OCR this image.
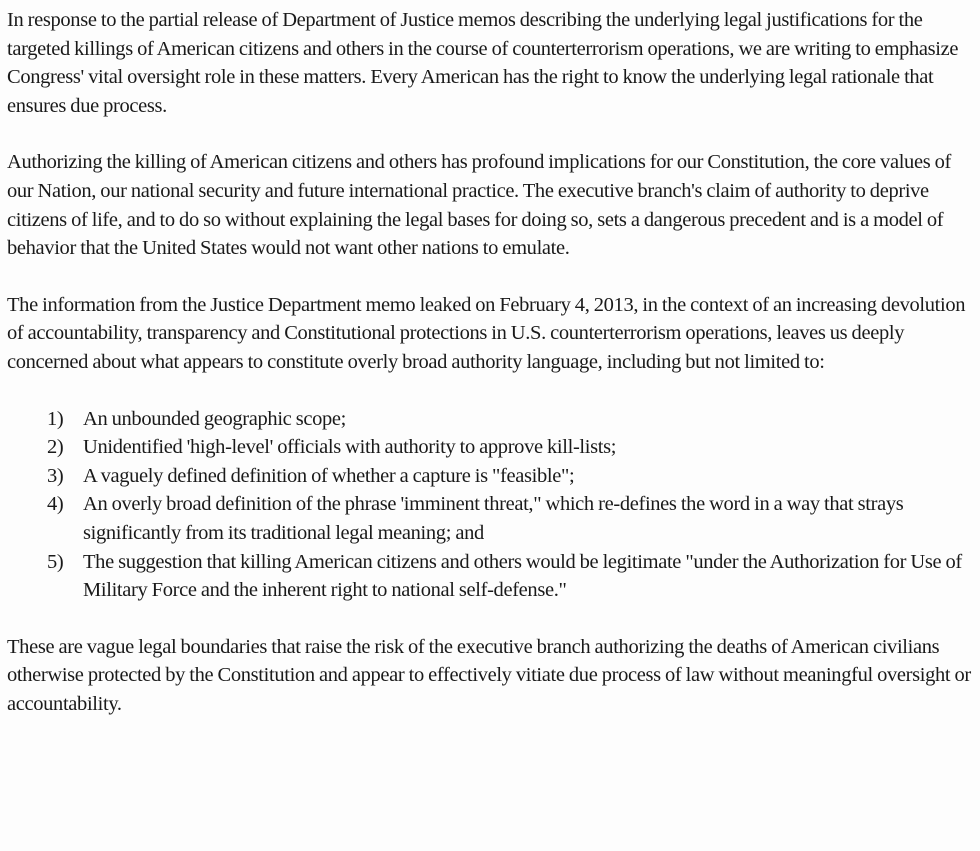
In response to the partial release of Department of Justice memos describing the underlying legal justifications for the targeted killings of American citizens and others in the course of counterterrorism operations, we are writing to emphasize Congress' vital oversight role in these matters. Every American has the right to know the underlying legal rationale that ensures due process.

Authorizing the killing of American citizens and others has profound implications for our Constitution, the core values of our Nation, our national security and future international practice. The executive branch's claim of authority to deprive citizens of life, and to do so without explaining the legal bases for doing so, sets a dangerous precedent and is a model of behavior that the United States would not want other nations to emulate.

The information from the Justice Department memo leaked on February 4, 2013, in the context of an increasing devolution of accountability, transparency and Constitutional protections in U.S. counterterrorism operations, leaves us deeply concerned about what appears to constitute overly broad authority language, including but not limited to:

1) An unbounded geographic scope;
2) Unidentified 'high-level' officials with authority to approve kill-lists;
3) A vaguely defined definition of whether a capture is "feasible";
4) An overly broad definition of the phrase 'imminent threat," which re-defines the word in a way that strays significantly from its traditional legal meaning; and
5) The suggestion that killing American citizens and others would be legitimate "under the Authorization for Use of Military Force and the inherent right to national self-defense."

These are vague legal boundaries that raise the risk of the executive branch authorizing the deaths of American civilians otherwise protected by the Constitution and appear to effectively vitiate due process of law without meaningful oversight or accountability.
